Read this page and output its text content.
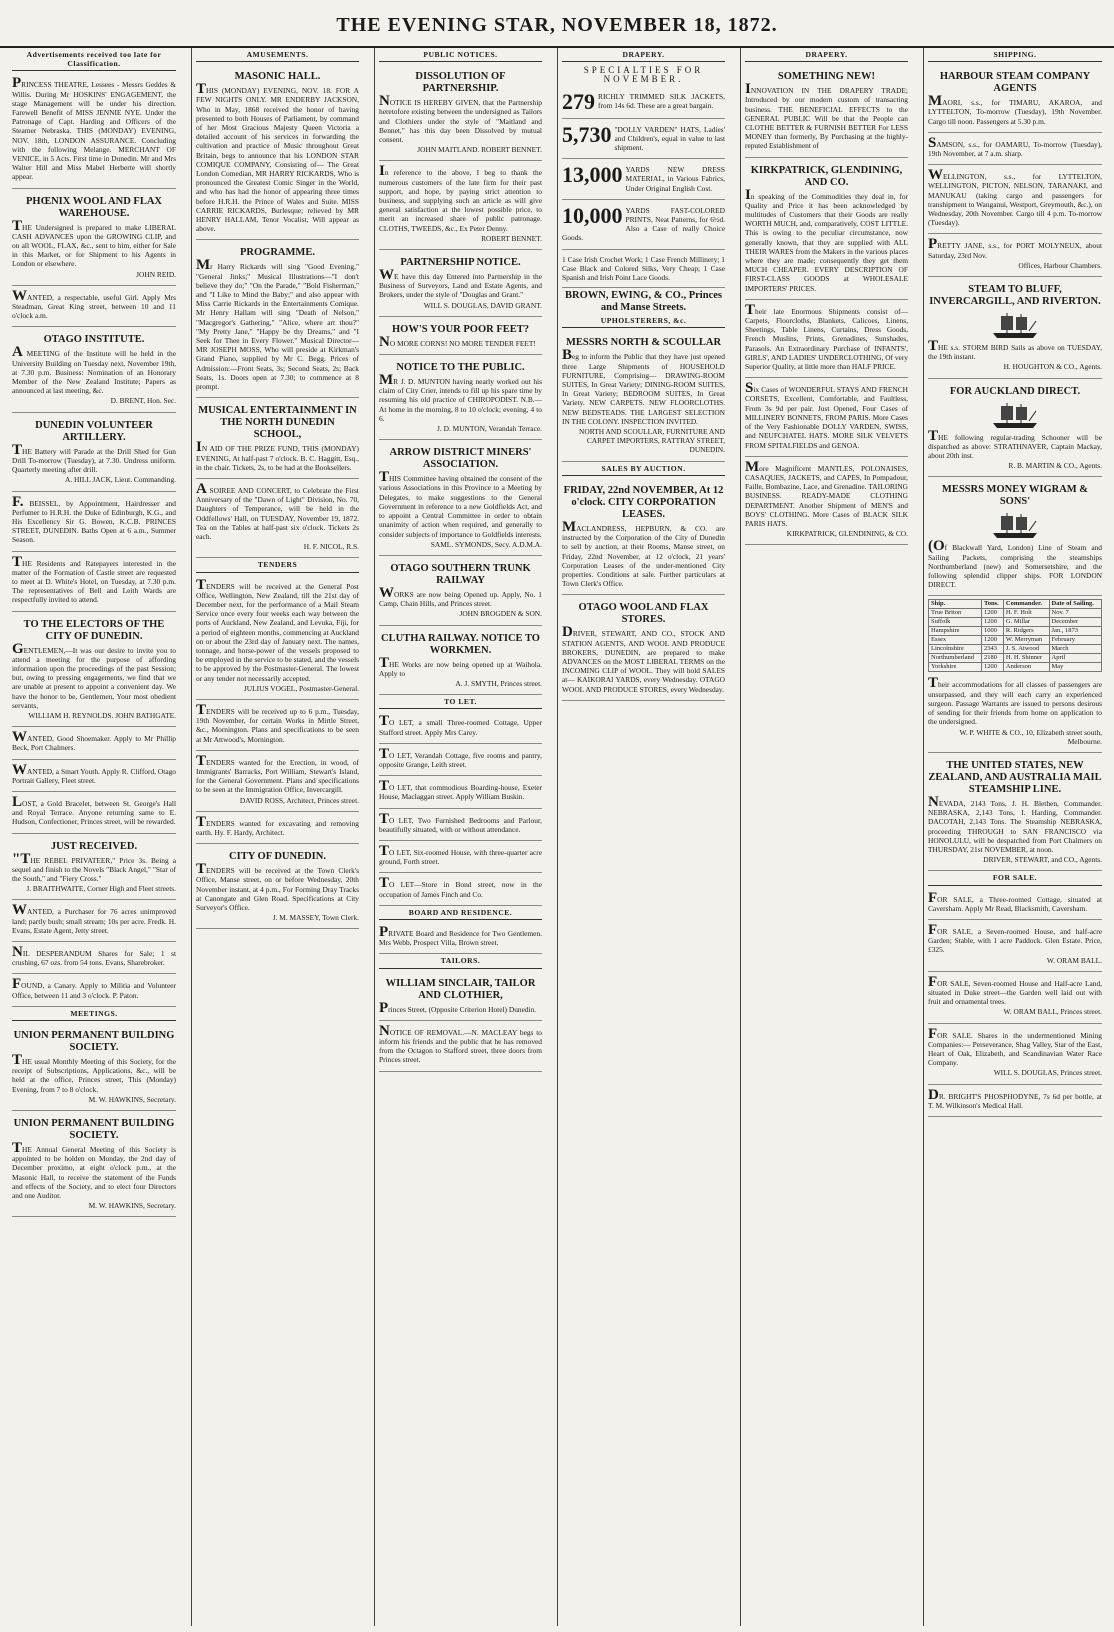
THE EVENING STAR, NOVEMBER 18, 1872.
Advertisements received too late for Classification.

PRINCESS THEATRE, Lessees - Messrs Geddes & Willis. During Mr HOSKINS' ENGAGEMENT, the stage Management will be under his direction. Farewell Benefit of MISS JENNIE NYE. Under the Patronage of Capt. Harding and Officers of the Steamer Nebraska. THIS (MONDAY) EVENING, NOV. 18th, LONDON ASSURANCE. Concluding with the following Melange. MERCHANT OF VENICE, in 5 Acts. First time in Dunedin. Mr and Mrs Walter Hill and Miss Mabel Herberte will shortly appear.

PHŒNIX WOOL AND FLAX WAREHOUSE.

THE Undersigned is prepared to make LIBERAL CASH ADVANCES upon the GROWING CLIP, and on all WOOL, FLAX, &c., sent to him, either for Sale in this Market, or for Shipment to his Agents in London or elsewhere.

JOHN REID.

WANTED, a respectable, useful Girl. Apply Mrs Steadman, Great King street, between 10 and 11 o'clock a.m.

OTAGO INSTITUTE.

A MEETING of the Institute will be held in the University Building on Tuesday next, November 19th, at 7.30 p.m. Business: Nomination of an Honorary Member of the New Zealand Institute; Papers as announced at last meeting, &c.

D. BRENT, Hon. Sec.
DUNEDIN VOLUNTEER ARTILLERY.

THE Battery will Parade at the Drill Shed for Gun Drill To-morrow (Tuesday), at 7.30. Undress uniform. Quarterly meeting after drill.

A. HILL JACK, Lieut. Commanding.

F. BEISSEL, by Appointment, Hairdresser and Perfumer to H.R.H. the Duke of Edinburgh, K.G., and His Excellency Sir G. Bowen, K.C.B. PRINCES STREET, DUNEDIN. Baths Open at 6 a.m., Summer Season.

THE Residents and Ratepayers interested in the matter of the Formation of Castle street are requested to meet at D. White's Hotel, on Tuesday, at 7.30 p.m. The representatives of Bell and Leith Wards are respectfully invited to attend.

TO THE ELECTORS OF THE CITY OF DUNEDIN.

GENTLEMEN,—It was our desire to invite you to attend a meeting for the purpose of affording information upon the proceedings of the past Session; but, owing to pressing engagements, we find that we are unable at present to appoint a convenient day. We have the honor to be, Gentlemen, Your most obedient servants,

WILLIAM H. REYNOLDS. JOHN BATHGATE.

WANTED, Good Shoemaker. Apply to Mr Phillip Beck, Port Chalmers.

WANTED, a Smart Youth. Apply R. Clifford, Otago Portrait Gallery, Fleet street.

LOST, a Gold Bracelet, between St. George's Hall and Royal Terrace. Anyone returning same to E. Hudson, Confectioner, Princes street, will be rewarded.

JUST RECEIVED.

"THE REBEL PRIVATEER," Price 3s. Being a sequel and finish to the Novels "Black Angel," "Star of the South," and "Fiery Cross."

J. BRAITHWAITE, Corner High and Fleet streets.

WANTED, a Purchaser for 76 acres unimproved land; partly bush; small stream; 10s per acre. Fredk. H. Evans, Estate Agent, Jetty street.

NIL DESPERANDUM Shares for Sale; 1 st crushing, 67 ozs. from 54 tons. Evans, Sharebroker.

FOUND, a Canary. Apply to Militia and Volunteer Office, between 11 and 3 o'clock. P. Paton.

MEETINGS.
UNION PERMANENT BUILDING SOCIETY.

THE usual Monthly Meeting of this Society, for the receipt of Subscriptions, Applications, &c., will be held at the office, Princes street, This (Monday) Evening, from 7 to 8 o'clock.

M. W. HAWKINS, Secretary.
UNION PERMANENT BUILDING SOCIETY.

THE Annual General Meeting of this Society is appointed to be holden on Monday, the 2nd day of December proximo, at eight o'clock p.m., at the Masonic Hall, to receive the statement of the Funds and effects of the Society, and to elect four Directors and one Auditor.

M. W. HAWKINS, Secretary.
AMUSEMENTS.
MASONIC HALL.

THIS (MONDAY) EVENING, NOV. 18. FOR A FEW NIGHTS ONLY. MR ENDERBY JACKSON, Who in May, 1868 received the honor of having presented to both Houses of Parliament, by command of her Most Gracious Majesty Queen Victoria a detailed account of his services in forwarding the cultivation and practice of Music throughout Great Britain, begs to announce that his LONDON STAR COMIQUE COMPANY, Consisting of— The Great London Comedian, MR HARRY RICKARDS, Who is pronounced the Greatest Comic Singer in the World, and who has had the honor of appearing three times before H.R.H. the Prince of Wales and Suite. MISS CARRIE RICKARDS, Burlesque; relieved by MR HENRY HALLAM, Tenor Vocalist, Will appear as above.

PROGRAMME.

Mr Harry Rickards will sing "Good Evening," "General Jinks;" Musical Illustrations—"I don't believe they do;" "On the Parade," "Bold Fisherman," and "I Like to Mind the Baby;" and also appear with Miss Carrie Rickards in the Entertainments Comique. Mr Henry Hallam will sing "Death of Nelson," "Macgregor's Gathering," "Alice, where art thou?" "My Pretty Jane," "Happy be thy Dreams," and "I Seek for Thee in Every Flower." Musical Director— MR JOSEPH MOSS, Who will preside at Kirkman's Grand Piano, supplied by Mr C. Begg. Prices of Admission:—Front Seats, 3s; Second Seats, 2s; Back Seats, 1s. Doors open at 7.30; to commence at 8 prompt.

MUSICAL ENTERTAINMENT IN THE NORTH DUNEDIN SCHOOL,

IN AID OF THE PRIZE FUND, THIS (MONDAY) EVENING, At half-past 7 o'clock. B. C. Haggitt, Esq., in the chair. Tickets, 2s, to be had at the Booksellers.

A SOIREE AND CONCERT, to Celebrate the First Anniversary of the "Dawn of Light" Division, No. 70, Daughters of Temperance, will be held in the Oddfellows' Hall, on TUESDAY, November 19, 1872. Tea on the Tables at half-past six o'clock. Tickets 2s each.

H. F. NICOL, R.S.
TENDERS

TENDERS will be received at the General Post Office, Wellington, New Zealand, till the 21st day of December next, for the performance of a Mail Steam Service once every four weeks each way between the ports of Auckland, New Zealand, and Levuka, Fiji, for a period of eighteen months, commencing at Auckland on or about the 23rd day of January next. The names, tonnage, and horse-power of the vessels proposed to be employed in the service to be stated, and the vessels to be approved by the Postmaster-General. The lowest or any tender not necessarily accepted.

JULIUS VOGEL, Postmaster-General.

TENDERS will be received up to 6 p.m., Tuesday, 19th November, for certain Works in Mirtle Street, &c., Mornington. Plans and specifications to be seen at Mr Attwood's, Mornington.

TENDERS wanted for the Erection, in wood, of Immigrants' Barracks, Port William, Stewart's Island, for the General Government. Plans and specifications to be seen at the Immigration Office, Invercargill.

DAVID ROSS, Architect, Princes street.

TENDERS wanted for excavating and removing earth. Hy. F. Hardy, Architect.

CITY OF DUNEDIN.

TENDERS will be received at the Town Clerk's Office, Manse street, on or before Wednesday, 20th November instant, at 4 p.m., For Forming Dray Tracks at Canongate and Glen Road. Specifications at City Surveyor's Office.

J. M. MASSEY, Town Clerk.
PUBLIC NOTICES.
DISSOLUTION OF PARTNERSHIP.

NOTICE IS HEREBY GIVEN, that the Partnership heretofore existing between the undersigned as Tailors and Clothiers under the style of "Maitland and Bennet," has this day been Dissolved by mutual consent.

JOHN MAITLAND. ROBERT BENNET.

In reference to the above, I beg to thank the numerous customers of the late firm for their past support, and hope, by paying strict attention to business, and supplying such an article as will give general satisfaction at the lowest possible price, to merit an increased share of public patronage. CLOTHS, TWEEDS, &c., Ex Peter Denny.

ROBERT BENNET.
PARTNERSHIP NOTICE.

WE have this day Entered into Partnership in the Business of Surveyors, Land and Estate Agents, and Brokers, under the style of "Douglas and Grant."

WILL S. DOUGLAS, DAVID GRANT.
HOW'S YOUR POOR FEET?

NO MORE CORNS! NO MORE TENDER FEET!

NOTICE TO THE PUBLIC.

MR J. D. MUNTON having nearly worked out his claim of City Crier, intends to fill up his spare time by resuming his old practice of CHIROPODIST. N.B.—At home in the morning, 8 to 10 o'clock; evening, 4 to 6.

J. D. MUNTON, Verandah Terrace.
ARROW DISTRICT MINERS' ASSOCIATION.

THIS Committee having obtained the consent of the various Associations in this Province to a Meeting by Delegates, to make suggestions to the General Government in reference to a new Goldfields Act, and to appoint a Central Committee in order to obtain unanimity of action when required, and generally to consider subjects of importance to Goldfields interests.

SAML. SYMONDS, Secy. A.D.M.A.
OTAGO SOUTHERN TRUNK RAILWAY

WORKS are now being Opened up. Apply, No. 1 Camp, Chain Hills, and Princes street.

JOHN BROGDEN & SON.
CLUTHA RAILWAY. NOTICE TO WORKMEN.

THE Works are now being opened up at Waihola. Apply to

A. J. SMYTH, Princes street.
TO LET.

TO LET, a small Three-roomed Cottage, Upper Stafford street. Apply Mrs Carey.

TO LET, Verandah Cottage, five rooms and pantry, opposite Grange, Leith street.

TO LET, that commodious Boarding-house, Exeter House, Maclaggan street. Apply William Buskin.

TO LET, Two Furnished Bedrooms and Parlour, beautifully situated, with or without attendance.

TO LET, Six-roomed House, with three-quarter acre ground, Forth street.

TO LET—Store in Bond street, now in the occupation of James Finch and Co.

BOARD AND RESIDENCE.

PRIVATE Board and Residence for Two Gentlemen. Mrs Webb, Prospect Villa, Brown street.

TAILORS.
WILLIAM SINCLAIR, TAILOR AND CLOTHIER,

Princes Street, (Opposite Criterion Hotel) Dunedin.

NOTICE OF REMOVAL.—N. MACLEAY begs to inform his friends and the public that he has removed from the Octagon to Stafford street, three doors from Princes street.

DRAPERY.
SPECIALTIES FOR NOVEMBER.
279 RICHLY TRIMMED SILK JACKETS, from 14s 6d. These are a great bargain.

5,730 "DOLLY VARDEN" HATS, Ladies' and Children's, equal in value to last shipment.

13,000 YARDS NEW DRESS MATERIAL, in Various Fabrics, Under Original English Cost.

10,000 YARDS FAST-COLORED PRINTS, Neat Patterns, for 6½d. Also a Case of really Choice Goods.

1 Case Irish Crochet Work; 1 Case French Millinery; 1 Case Black and Colored Silks, Very Cheap; 1 Case Spanish and Irish Point Lace Goods.
BROWN, EWING, & CO., Princes and Manse Streets.
UPHOLSTERERS, &c.
MESSRS NORTH & SCOULLAR

Beg to inform the Public that they have just opened three Large Shipments of HOUSEHOLD FURNITURE, Comprising— DRAWING-ROOM SUITES, In Great Variety; DINING-ROOM SUITES, In Great Variety; BEDROOM SUITES, In Great Variety. NEW CARPETS. NEW FLOORCLOTHS. NEW BEDSTEADS. THE LARGEST SELECTION IN THE COLONY. INSPECTION INVITED.

NORTH AND SCOULLAR, FURNITURE AND CARPET IMPORTERS, RATTRAY STREET, DUNEDIN.
SALES BY AUCTION.
FRIDAY, 22nd NOVEMBER, At 12 o'clock. CITY CORPORATION LEASES.

MACLANDRESS, HEPBURN, & CO. are instructed by the Corporation of the City of Dunedin to sell by auction, at their Rooms, Manse street, on Friday, 22nd November, at 12 o'clock, 21 years' Corporation Leases of the under-mentioned City properties. Conditions at sale. Further particulars at Town Clerk's Office.

OTAGO WOOL AND FLAX STORES.

DRIVER, STEWART, AND CO., STOCK AND STATION AGENTS, AND WOOL AND PRODUCE BROKERS, DUNEDIN, are prepared to make ADVANCES on the MOST LIBERAL TERMS on the INCOMING CLIP of WOOL. They will hold SALES at— KAIKORAI YARDS, every Wednesday. OTAGO WOOL AND PRODUCE STORES, every Wednesday.

DRAPERY.
SOMETHING NEW!

INNOVATION IN THE DRAPERY TRADE; Introduced by our modern custom of transacting business. THE BENEFICIAL EFFECTS to the GENERAL PUBLIC Will be that the People can CLOTHE BETTER & FURNISH BETTER For LESS MONEY than formerly, By Purchasing at the highly-reputed Establishment of

KIRKPATRICK, GLENDINING, AND CO.

In speaking of the Commodities they deal in, for Quality and Price it has been acknowledged by multitudes of Customers that their Goods are really WORTH MUCH, and, comparatively, COST LITTLE. This is owing to the peculiar circumstance, now generally known, that they are supplied with ALL THEIR WARES from the Makers in the various places where they are made; consequently they get them MUCH CHEAPER. EVERY DESCRIPTION OF FIRST-CLASS GOODS at WHOLESALE IMPORTERS' PRICES.

Their late Enormous Shipments consist of— Carpets, Floorcloths, Blankets, Calicoes, Linens, Sheetings, Table Linens, Curtains, Dress Goods, French Muslins, Prints, Grenadines, Sunshades, Parasols. An Extraordinary Purchase of INFANTS', GIRLS', AND LADIES' UNDERCLOTHING, Of very Superior Quality, at little more than HALF PRICE.

Six Cases of WONDERFUL STAYS AND FRENCH CORSETS, Excellent, Comfortable, and Faultless, From 3s 9d per pair. Just Opened, Four Cases of MILLINERY BONNETS, FROM PARIS. More Cases of the Very Fashionable DOLLY VARDEN, SWISS, and NEUFCHATEL HATS. MORE SILK VELVETS FROM SPITALFIELDS and GENOA.

More Magnificent MANTLES, POLONAISES, CASAQUES, JACKETS, and CAPES, In Pompadour, Faille, Bombazine, Lace, and Grenadine. TAILORING BUSINESS. READY-MADE CLOTHING DEPARTMENT. Another Shipment of MEN'S and BOYS' CLOTHING. More Cases of BLACK SILK PARIS HATS.

KIRKPATRICK, GLENDINING, & CO.
SHIPPING.
HARBOUR STEAM COMPANY AGENTS

MAORI, s.s., for TIMARU, AKAROA, and LYTTELTON, To-morrow (Tuesday), 19th November. Cargo till noon. Passengers at 5.30 p.m.

SAMSON, s.s., for OAMARU, To-morrow (Tuesday), 19th November, at 7 a.m. sharp.

WELLINGTON, s.s., for LYTTELTON, WELLINGTON, PICTON, NELSON, TARANAKI, and MANUKAU (taking cargo and passengers for transhipment to Wanganui, Westport, Greymouth, &c.), on Wednesday, 20th November. Cargo till 4 p.m. To-morrow (Tuesday).

PRETTY JANE, s.s., for PORT MOLYNEUX, about Saturday, 23rd Nov.

Offices, Harbour Chambers.
STEAM TO BLUFF, INVERCARGILL, AND RIVERTON.

THE s.s. STORM BIRD Sails as above on TUESDAY, the 19th instant.

H. HOUGHTON & CO., Agents.
FOR AUCKLAND DIRECT.

THE following regular-trading Schooner will be dispatched as above: STRATHNAVER, Captain Mackay, about 20th inst.

R. B. MARTIN & CO., Agents.
MESSRS MONEY WIGRAM & SONS'

(Of Blackwall Yard, London) Line of Steam and Sailing Packets, comprising the steamships Northumberland (new) and Somersetshire, and the following splendid clipper ships. FOR LONDON DIRECT.

Ship.	Tons.	Commander.	Date of Sailing.
True Briton	1200	H. F. Holt	Nov. 7
Suffolk	1200	G. Millar	December
Hampshire	1000	R. Ridgers	Jan., 1873
Essex	1200	W. Merryman	February
Lincolnshire	2343	J. S. Atwood	March
Northumberland	2180	H. H. Shinner	April
Yorkshire	1200	Anderson	May

Their accommodations for all classes of passengers are unsurpassed, and they will each carry an experienced surgeon. Passage Warrants are issued to persons desirous of sending for their friends from home on application to the undersigned.

W. P. WHITE & CO., 10, Elizabeth street south, Melbourne.
THE UNITED STATES, NEW ZEALAND, AND AUSTRALIA MAIL STEAMSHIP LINE.

NEVADA, 2143 Tons, J. H. Blethen, Commander. NEBRASKA, 2,143 Tons, I. Harding, Commander. DACOTAH, 2,143 Tons. The Steamship NEBRASKA, proceeding THROUGH to SAN FRANCISCO via HONOLULU, will be despatched from Port Chalmers on THURSDAY, 21st NOVEMBER, at noon.

DRIVER, STEWART, and CO., Agents.
FOR SALE.

FOR SALE, a Three-roomed Cottage, situated at Caversham. Apply Mr Read, Blacksmith, Caversham.

FOR SALE, a Seven-roomed House, and half-acre Garden; Stable, with 1 acre Paddock. Glen Estate. Price, £325.

W. ORAM BALL.

FOR SALE, Seven-roomed House and Half-acre Land, situated in Duke street—the Garden well laid out with fruit and ornamental trees.

W. ORAM BALL, Princes street.

FOR SALE. Shares in the undermentioned Mining Companies:— Perseverance, Shag Valley, Star of the East, Heart of Oak, Elizabeth, and Scandinavian Water Race Company.

WILL S. DOUGLAS, Princes street.

DR. BRIGHT'S PHOSPHODYNE, 7s 6d per bottle, at T. M. Wilkinson's Medical Hall.
